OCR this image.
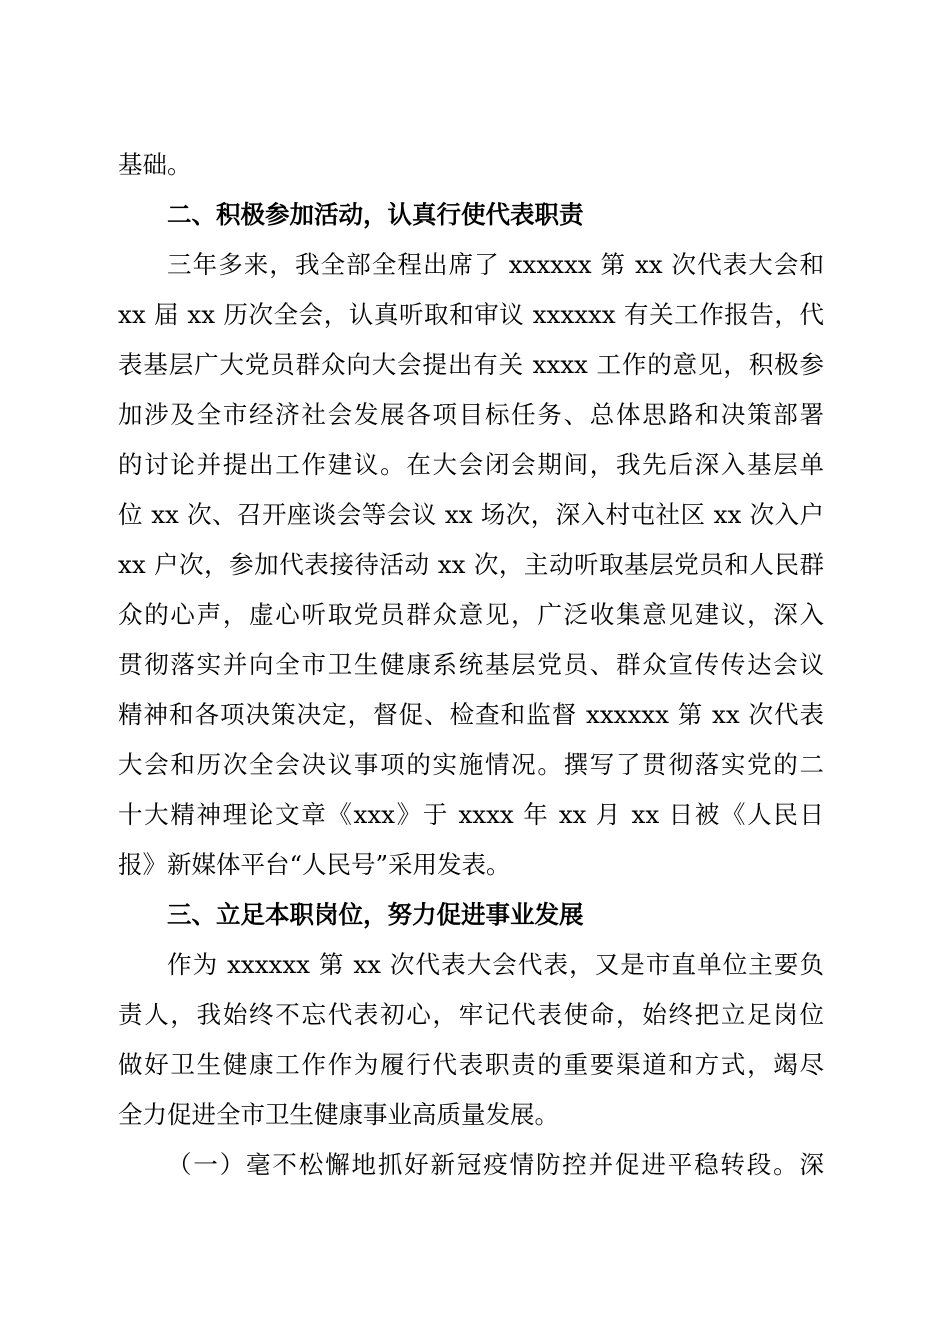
基础。
二、积极参加活动，认真行使代表职责
三年多来，我全部全程出席了 xxxxxx 第 xx 次代表大会和
xx 届 xx 历次全会，认真听取和审议 xxxxxx 有关工作报告，代
表基层广大党员群众向大会提出有关 xxxx 工作的意见，积极参
加涉及全市经济社会发展各项目标任务、总体思路和决策部署
的讨论并提出工作建议。在大会闭会期间，我先后深入基层单
位 xx 次、召开座谈会等会议 xx 场次，深入村屯社区 xx 次入户
xx 户次，参加代表接待活动 xx 次，主动听取基层党员和人民群
众的心声，虚心听取党员群众意见，广泛收集意见建议，深入
贯彻落实并向全市卫生健康系统基层党员、群众宣传传达会议
精神和各项决策决定，督促、检查和监督 xxxxxx 第 xx 次代表
大会和历次全会决议事项的实施情况。撰写了贯彻落实党的二
十大精神理论文章《xxx》于 xxxx 年 xx 月 xx 日被《人民日
报》新媒体平台“人民号”采用发表。
三、立足本职岗位，努力促进事业发展
作为 xxxxxx 第 xx 次代表大会代表，又是市直单位主要负
责人，我始终不忘代表初心，牢记代表使命，始终把立足岗位
做好卫生健康工作作为履行代表职责的重要渠道和方式，竭尽
全力促进全市卫生健康事业高质量发展。
（一）毫不松懈地抓好新冠疫情防控并促进平稳转段。深
